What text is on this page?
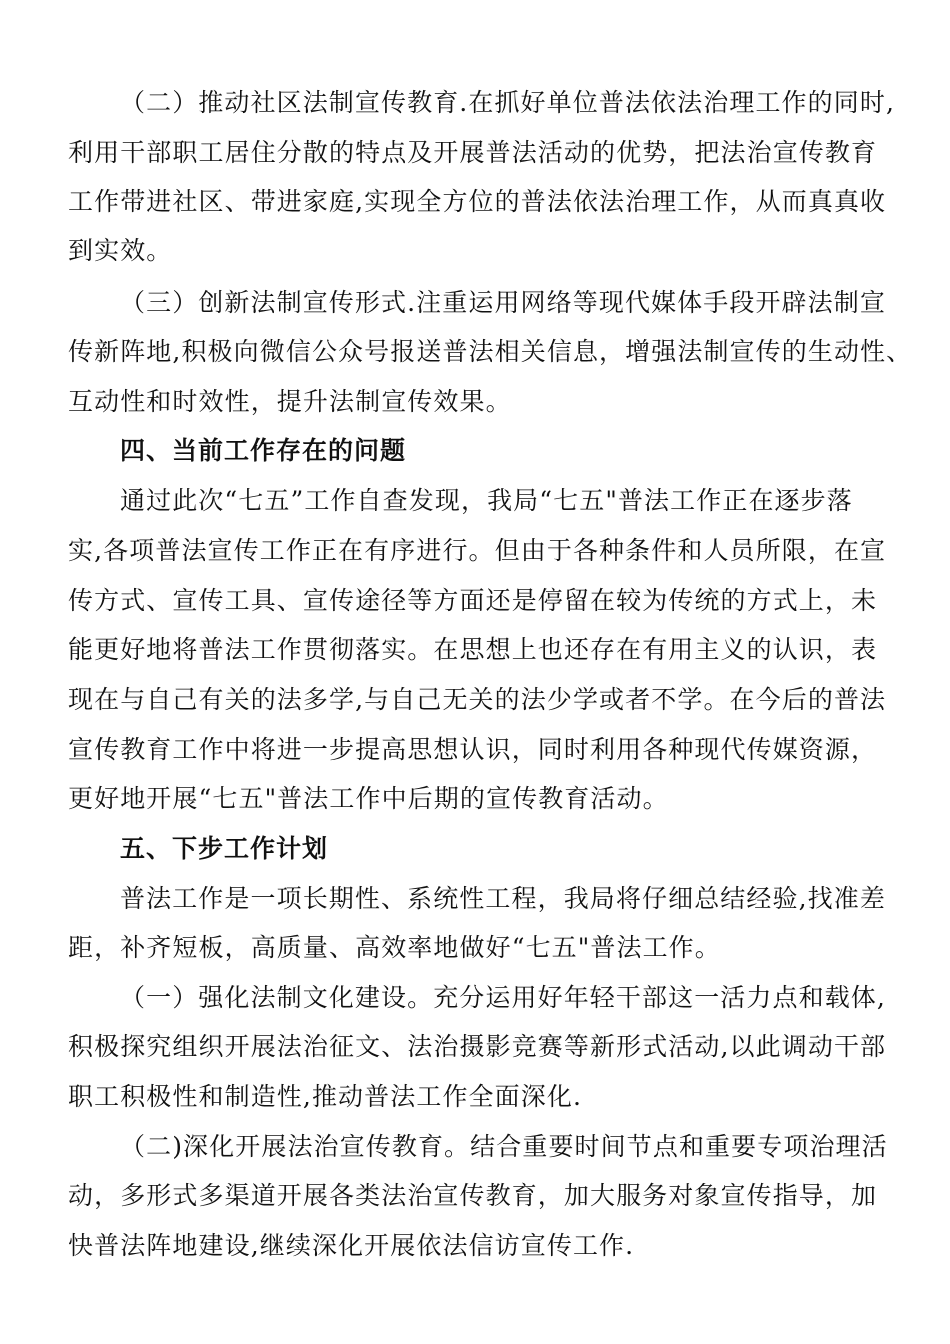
（二）推动社区法制宣传教育.在抓好单位普法依法治理工作的同时,
利用干部职工居住分散的特点及开展普法活动的优势，把法治宣传教育
工作带进社区、带进家庭,实现全方位的普法依法治理工作，从而真真收
到实效。
（三）创新法制宣传形式.注重运用网络等现代媒体手段开辟法制宣
传新阵地,积极向微信公众号报送普法相关信息，增强法制宣传的生动性、
互动性和时效性，提升法制宣传效果。
四、当前工作存在的问题
通过此次“七五”工作自查发现，我局“七五"普法工作正在逐步落
实,各项普法宣传工作正在有序进行。但由于各种条件和人员所限，在宣
传方式、宣传工具、宣传途径等方面还是停留在较为传统的方式上，未
能更好地将普法工作贯彻落实。在思想上也还存在有用主义的认识，表
现在与自己有关的法多学,与自己无关的法少学或者不学。在今后的普法
宣传教育工作中将进一步提高思想认识，同时利用各种现代传媒资源，
更好地开展“七五"普法工作中后期的宣传教育活动。
五、下步工作计划
普法工作是一项长期性、系统性工程，我局将仔细总结经验,找准差
距，补齐短板，高质量、高效率地做好“七五"普法工作。
（一）强化法制文化建设。充分运用好年轻干部这一活力点和载体,
积极探究组织开展法治征文、法治摄影竞赛等新形式活动,以此调动干部
职工积极性和制造性,推动普法工作全面深化.
（二)深化开展法治宣传教育。结合重要时间节点和重要专项治理活
动，多形式多渠道开展各类法治宣传教育，加大服务对象宣传指导，加
快普法阵地建设,继续深化开展依法信访宣传工作.
